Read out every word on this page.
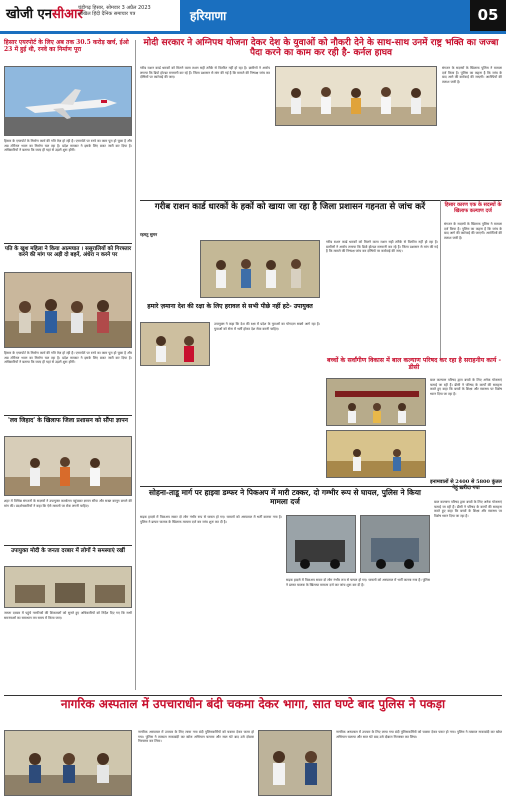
खोजी एनसीआर
चंडीगढ़ हिसार, सोमवार 3 अप्रैल 2023 अखिल हिंदी दैनिक समाचार पत्र	हरियाणा	05
हिसार एयरपोर्ट के लिए अब तक 30.5 करोड़ खर्च, ईओ 23 में हुई थी, रनवे का निर्माण पूरा
हिसार के एयरपोर्ट के निर्माण कार्य की गति तेज़ हो रही है। एयरपोर्ट पर रनवे का काम पूरा हो चुका है और अब टर्मिनल भवन का निर्माण चल रहा है। प्रदेश सरकार ने इसके लिए बजट जारी कर दिया है। अधिकारियों ने बताया कि जल्द ही यहां से उड़ानें शुरू होंगी।
पति के खुश महिला ने किया आत्मघात । ससुरालियों को गिरफ्तार करने की मांग पर अड़ी दो बहनें, अंधेरा न करने पर
हिसार के एयरपोर्ट के निर्माण कार्य की गति तेज़ हो रही है। एयरपोर्ट पर रनवे का काम पूरा हो चुका है और अब टर्मिनल भवन का निर्माण चल रहा है। प्रदेश सरकार ने इसके लिए बजट जारी कर दिया है। अधिकारियों ने बताया कि जल्द ही यहां से उड़ानें शुरू होंगी।
'लव जिहाद' के खिलाफ जिला प्रशासन को सौंपा ज्ञापन
शहर में विभिन्न संगठनों के सदस्यों ने उपायुक्त कार्यालय पहुंचकर ज्ञापन सौंपा और सख्त कानून बनाने की मांग की। प्रदर्शनकारियों ने कहा कि ऐसे मामलों पर रोक लगनी चाहिए।
उपायुक्त मोदी के जनता दरबार में लोगों ने समस्याएं रखीं
जनता दरबार में पहुंचे नागरिकों की शिकायतों को सुनते हुए अधिकारियों को निर्देश दिए गए कि सभी समस्याओं का समाधान तय समय में किया जाए।
मोदी सरकार ने अग्निपथ योजना देकर देश के युवाओं को नौकरी देने के साथ-साथ उनमें राष्ट्र भक्ति का जज्बा पैदा करने का काम कर रही है- कर्नल हाघव
गरीब राशन कार्ड धारकों को मिलने वाला राशन सही तरीके से वितरित नहीं हो रहा है। ग्रामीणों ने आरोप लगाया कि डिपो होल्डर मनमानी कर रहे हैं। जिला प्रशासन से मांग की गई है कि मामले की निष्पक्ष जांच कर दोषियों पर कार्रवाई की जाए।
संगठन के सदस्यों के खिलाफ पुलिस ने मामला दर्ज किया है। पुलिस का कहना है कि जांच के बाद आगे की कार्रवाई की जाएगी। आरोपियों की तलाश जारी है।
गरीब राशन कार्ड धारकों के हकों को खाया जा रहा है जिला प्रशासन गहनता से जांच करें
रहमतु सुमन
गरीब राशन कार्ड धारकों को मिलने वाला राशन सही तरीके से वितरित नहीं हो रहा है। ग्रामीणों ने आरोप लगाया कि डिपो होल्डर मनमानी कर रहे हैं। जिला प्रशासन से मांग की गई है कि मामले की निष्पक्ष जांच कर दोषियों पर कार्रवाई की जाए।
हिसार कारण एक के सदस्यों के खिलाफ कल्याण दर्ज
संगठन के सदस्यों के खिलाफ पुलिस ने मामला दर्ज किया है। पुलिस का कहना है कि जांच के बाद आगे की कार्रवाई की जाएगी। आरोपियों की तलाश जारी है।
हमारे ज़माना देश की रक्षा के लिए हरावल से सभी पीछे नहीं हटे- उपायुक्त
उपायुक्त ने कहा कि देश की रक्षा में प्रदेश के युवाओं का योगदान सबसे आगे रहा है। युवाओं को सेना में भर्ती होकर देश सेवा करनी चाहिए।
बच्चों के सर्वांगीण विकास में बाल कल्याण परिषद कर रहा है सराहनीय कार्य - डीसी
बाल कल्याण परिषद द्वारा बच्चों के लिए अनेक योजनाएं चलाई जा रही हैं। डीसी ने परिषद के कार्यों की सराहना करते हुए कहा कि बच्चों के शिक्षा और स्वास्थ्य पर विशेष ध्यान दिया जा रहा है।
इनामवालों से 2400 से 5800 कुंतल गेहूं ख़रीदा गया
सोहना-ताडू मार्ग पर हाइवा डम्फर ने पिकअप में मारी टक्कर, दो गम्भीर रूप से घायल, पुलिस ने किया मामला दर्ज
सड़क हादसे में पिकअप सवार दो लोग गंभीर रूप से घायल हो गए। घायलों को अस्पताल में भर्ती कराया गया है। पुलिस ने डम्फर चालक के खिलाफ मामला दर्ज कर जांच शुरू कर दी है।
सड़क हादसे में पिकअप सवार दो लोग गंभीर रूप से घायल हो गए। घायलों को अस्पताल में भर्ती कराया गया है। पुलिस ने डम्फर चालक के खिलाफ मामला दर्ज कर जांच शुरू कर दी है।
बाल कल्याण परिषद द्वारा बच्चों के लिए अनेक योजनाएं चलाई जा रही हैं। डीसी ने परिषद के कार्यों की सराहना करते हुए कहा कि बच्चों के शिक्षा और स्वास्थ्य पर विशेष ध्यान दिया जा रहा है।
नागरिक अस्पताल में उपचाराधीन बंदी चकमा देकर भागा, सात घण्टे बाद पुलिस ने पकड़ा
नागरिक अस्पताल में उपचार के लिए लाया गया बंदी पुलिसकर्मियों को चकमा देकर फरार हो गया। पुलिस ने तत्काल नाकाबंदी कर खोज अभियान चलाया और सात घंटे बाद उसे दोबारा गिरफ्तार कर लिया।
नागरिक अस्पताल में उपचार के लिए लाया गया बंदी पुलिसकर्मियों को चकमा देकर फरार हो गया। पुलिस ने तत्काल नाकाबंदी कर खोज अभियान चलाया और सात घंटे बाद उसे दोबारा गिरफ्तार कर लिया।
